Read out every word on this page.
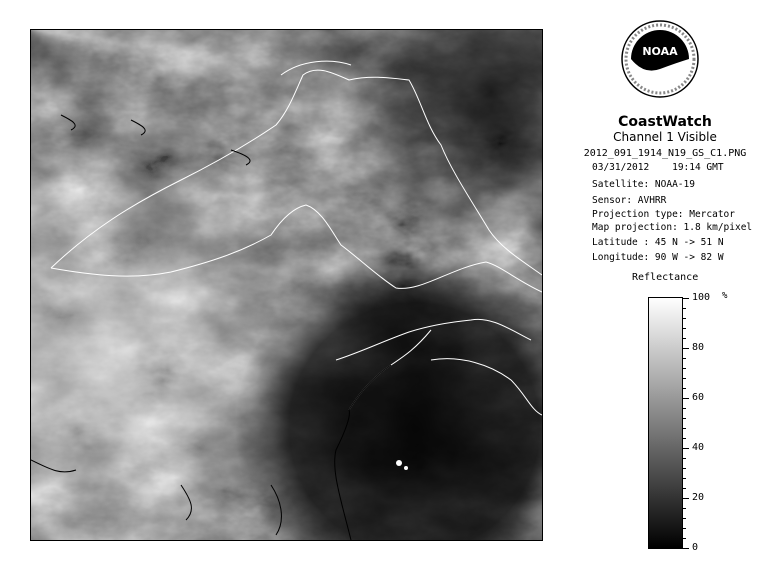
NOAA
CoastWatch
Channel 1 Visible
2012_091_1914_N19_GS_C1.PNG
03/31/2012 19:14 GMT
Satellite: NOAA-19
Sensor: AVHRR
Projection type: Mercator
Map projection: 1.8 km/pixel
Latitude : 45 N -> 51 N
Longitude: 90 W -> 82 W
Reflectance
%
100
80
60
40
20
0
